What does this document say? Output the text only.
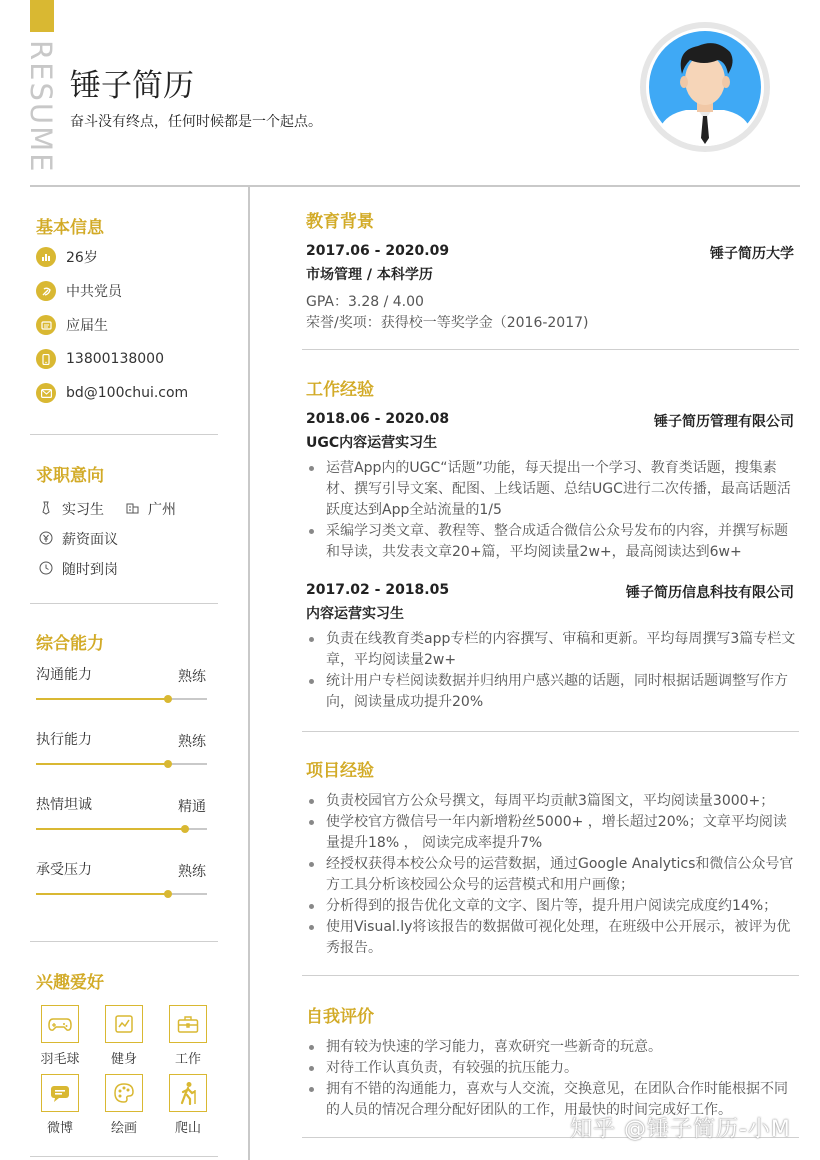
RESUME 锤子简历
奋斗没有终点，任何时候都是一个起点。
基本信息
26岁
中共党员
应届生
13800138000
bd@100chui.com
求职意向
实习生	广州
薪资面议
随时到岗
综合能力
沟通能力	熟练
执行能力	熟练
热情坦诚	精通
承受压力	熟练
兴趣爱好
羽毛球	健身	工作
微博	绘画	爬山
教育背景
2017.06 - 2020.09	锤子简历大学
市场管理 / 本科学历
GPA：3.28 / 4.00
荣誉/奖项：获得校一等奖学金（2016-2017)
工作经验
2018.06 - 2020.08	锤子简历管理有限公司
UGC内容运营实习生
运营App内的UGC“话题”功能，每天提出一个学习、教育类话题，搜集素材、撰写引导文案、配图、上线话题、总结UGC进行二次传播，最高话题活跃度达到App全站流量的1/5
采编学习类文章、教程等、整合成适合微信公众号发布的内容，并撰写标题和导读，共发表文章20+篇，平均阅读量2w+，最高阅读达到6w+
2017.02 - 2018.05	锤子简历信息科技有限公司
内容运营实习生
负责在线教育类app专栏的内容撰写、审稿和更新。平均每周撰写3篇专栏文章，平均阅读量2w+
统计用户专栏阅读数据并归纳用户感兴趣的话题，同时根据话题调整写作方向，阅读量成功提升20%
项目经验
负责校园官方公众号撰文，每周平均贡献3篇图文，平均阅读量3000+；
使学校官方微信号一年内新增粉丝5000+ ，增长超过20%；文章平均阅读量提升18% ， 阅读完成率提升7%
经授权获得本校公众号的运营数据，通过Google Analytics和微信公众号官方工具分析该校园公众号的运营模式和用户画像；
分析得到的报告优化文章的文字、图片等，提升用户阅读完成度约14%；
使用Visual.ly将该报告的数据做可视化处理，在班级中公开展示，被评为优秀报告。
自我评价
拥有较为快速的学习能力，喜欢研究一些新奇的玩意。
对待工作认真负责，有较强的抗压能力。
拥有不错的沟通能力，喜欢与人交流，交换意见，在团队合作时能根据不同的人员的情况合理分配好团队的工作，用最快的时间完成好工作。
知乎 @锤子简历-小M
